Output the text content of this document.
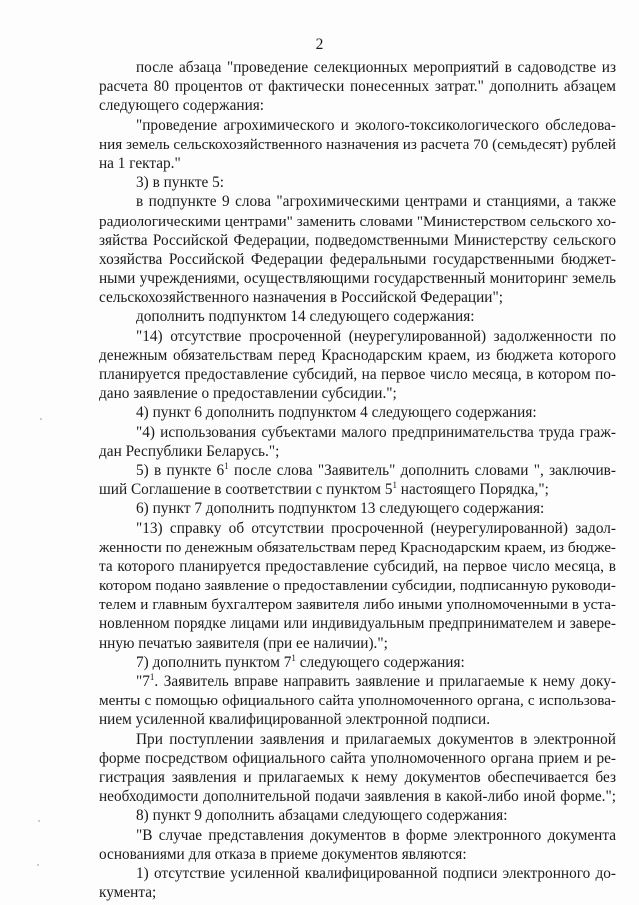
2
после абзаца "проведение селекционных мероприятий в садоводстве из
расчета 80 процентов от фактически понесенных затрат." дополнить абзацем
следующего содержания:
"проведение агрохимического и эколого-токсикологического обследова-
ния земель сельскохозяйственного назначения из расчета 70 (семьдесят) рублей
на 1 гектар."
3) в пункте 5:
в подпункте 9 слова "агрохимическими центрами и станциями, а также
радиологическими центрами" заменить словами "Министерством сельского хо-
зяйства Российской Федерации, подведомственными Министерству сельского
хозяйства Российской Федерации федеральными государственными бюджет-
ными учреждениями, осуществляющими государственный мониторинг земель
сельскохозяйственного назначения в Российской Федерации";
дополнить подпунктом 14 следующего содержания:
"14) отсутствие просроченной (неурегулированной) задолженности по
денежным обязательствам перед Краснодарским краем, из бюджета которого
планируется предоставление субсидий, на первое число месяца, в котором по-
дано заявление о предоставлении субсидии.";
4) пункт 6 дополнить подпунктом 4 следующего содержания:
"4) использования субъектами малого предпринимательства труда граж-
дан Республики Беларусь.";
5) в пункте $6^1$ после слова "Заявитель" дополнить словами ", заключив-
ший Соглашение в соответствии с пунктом $5^1$ настоящего Порядка,";
6) пункт 7 дополнить подпунктом 13 следующего содержания:
"13) справку об отсутствии просроченной (неурегулированной) задол-
женности по денежным обязательствам перед Краснодарским краем, из бюдже-
та которого планируется предоставление субсидий, на первое число месяца, в
котором подано заявление о предоставлении субсидии, подписанную руководи-
телем и главным бухгалтером заявителя либо иными уполномоченными в уста-
новленном порядке лицами или индивидуальным предпринимателем и завере-
нную печатью заявителя (при ее наличии).";
7) дополнить пунктом $7^1$ следующего содержания:
"$7^1$. Заявитель вправе направить заявление и прилагаемые к нему доку-
менты с помощью официального сайта уполномоченного органа, с использова-
нием усиленной квалифицированной электронной подписи.
При поступлении заявления и прилагаемых документов в электронной
форме посредством официального сайта уполномоченного органа прием и ре-
гистрация заявления и прилагаемых к нему документов обеспечивается без
необходимости дополнительной подачи заявления в какой-либо иной форме.";
8) пункт 9 дополнить абзацами следующего содержания:
"В случае представления документов в форме электронного документа
основаниями для отказа в приеме документов являются:
1) отсутствие усиленной квалифицированной подписи электронного до-
кумента;
